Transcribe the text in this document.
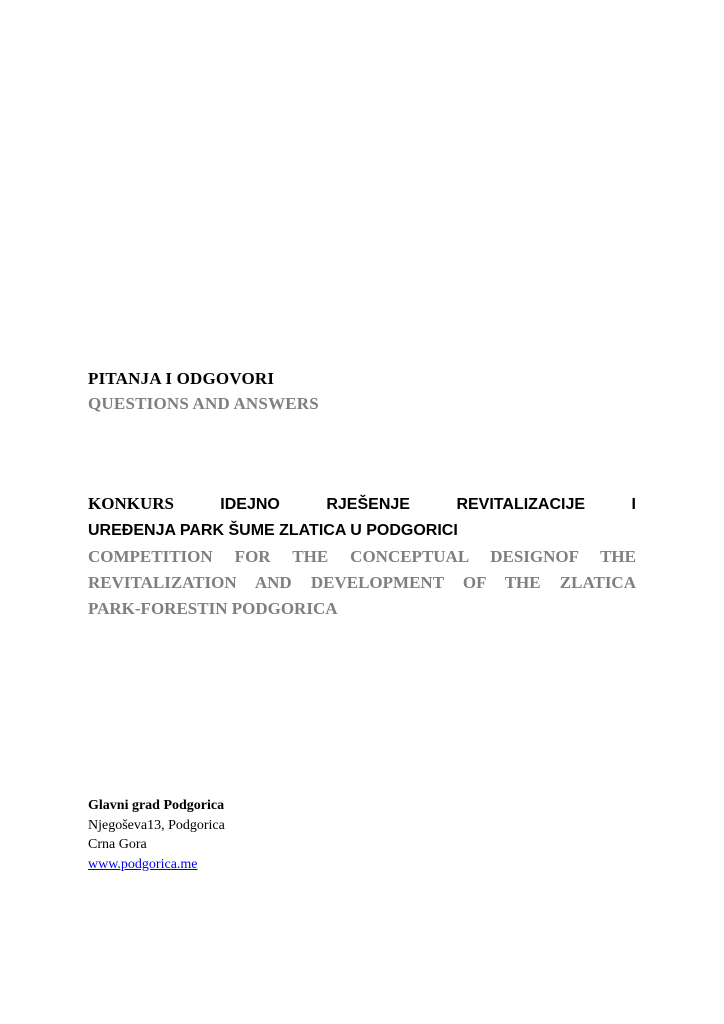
PITANJA I ODGOVORI
QUESTIONS AND ANSWERS
KONKURS	IDEJNO RJEŠENJE REVITALIZACIJE I
UREĐENJA PARK ŠUME ZLATICA U PODGORICI
COMPETITION FOR THE CONCEPTUAL DESIGNOF THE
REVITALIZATION AND DEVELOPMENT OF THE ZLATICA
PARK-FORESTIN PODGORICA
Glavni grad Podgorica
Njegoševa13, Podgorica
Crna Gora
www.podgorica.me
